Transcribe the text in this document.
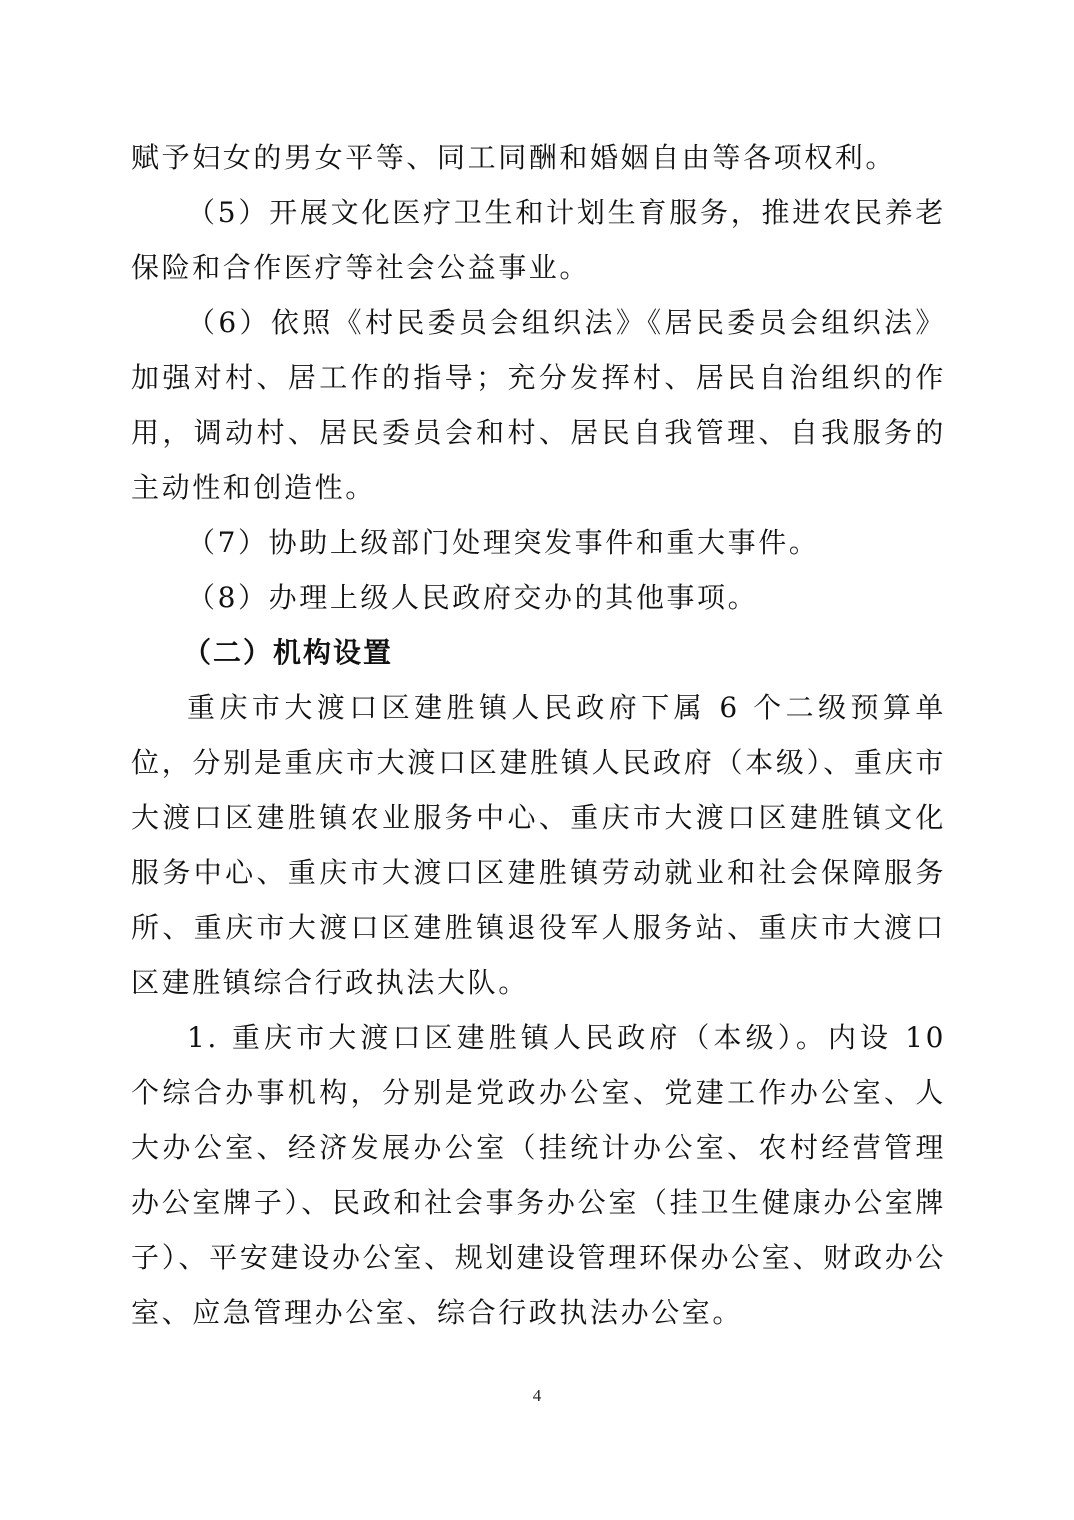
赋予妇女的男女平等、同工同酬和婚姻自由等各项权利。

（5）开展文化医疗卫生和计划生育服务，推进农民养老保险和合作医疗等社会公益事业。

（6）依照《村民委员会组织法》《居民委员会组织法》加强对村、居工作的指导；充分发挥村、居民自治组织的作用，调动村、居民委员会和村、居民自我管理、自我服务的主动性和创造性。

（7）协助上级部门处理突发事件和重大事件。

（8）办理上级人民政府交办的其他事项。

（二）机构设置

重庆市大渡口区建胜镇人民政府下属 6 个二级预算单位，分别是重庆市大渡口区建胜镇人民政府（本级）、重庆市大渡口区建胜镇农业服务中心、重庆市大渡口区建胜镇文化服务中心、重庆市大渡口区建胜镇劳动就业和社会保障服务所、重庆市大渡口区建胜镇退役军人服务站、重庆市大渡口区建胜镇综合行政执法大队。

1. 重庆市大渡口区建胜镇人民政府（本级）。内设 10 个综合办事机构，分别是党政办公室、党建工作办公室、人大办公室、经济发展办公室（挂统计办公室、农村经营管理办公室牌子）、民政和社会事务办公室（挂卫生健康办公室牌子）、平安建设办公室、规划建设管理环保办公室、财政办公室、应急管理办公室、综合行政执法办公室。

4
